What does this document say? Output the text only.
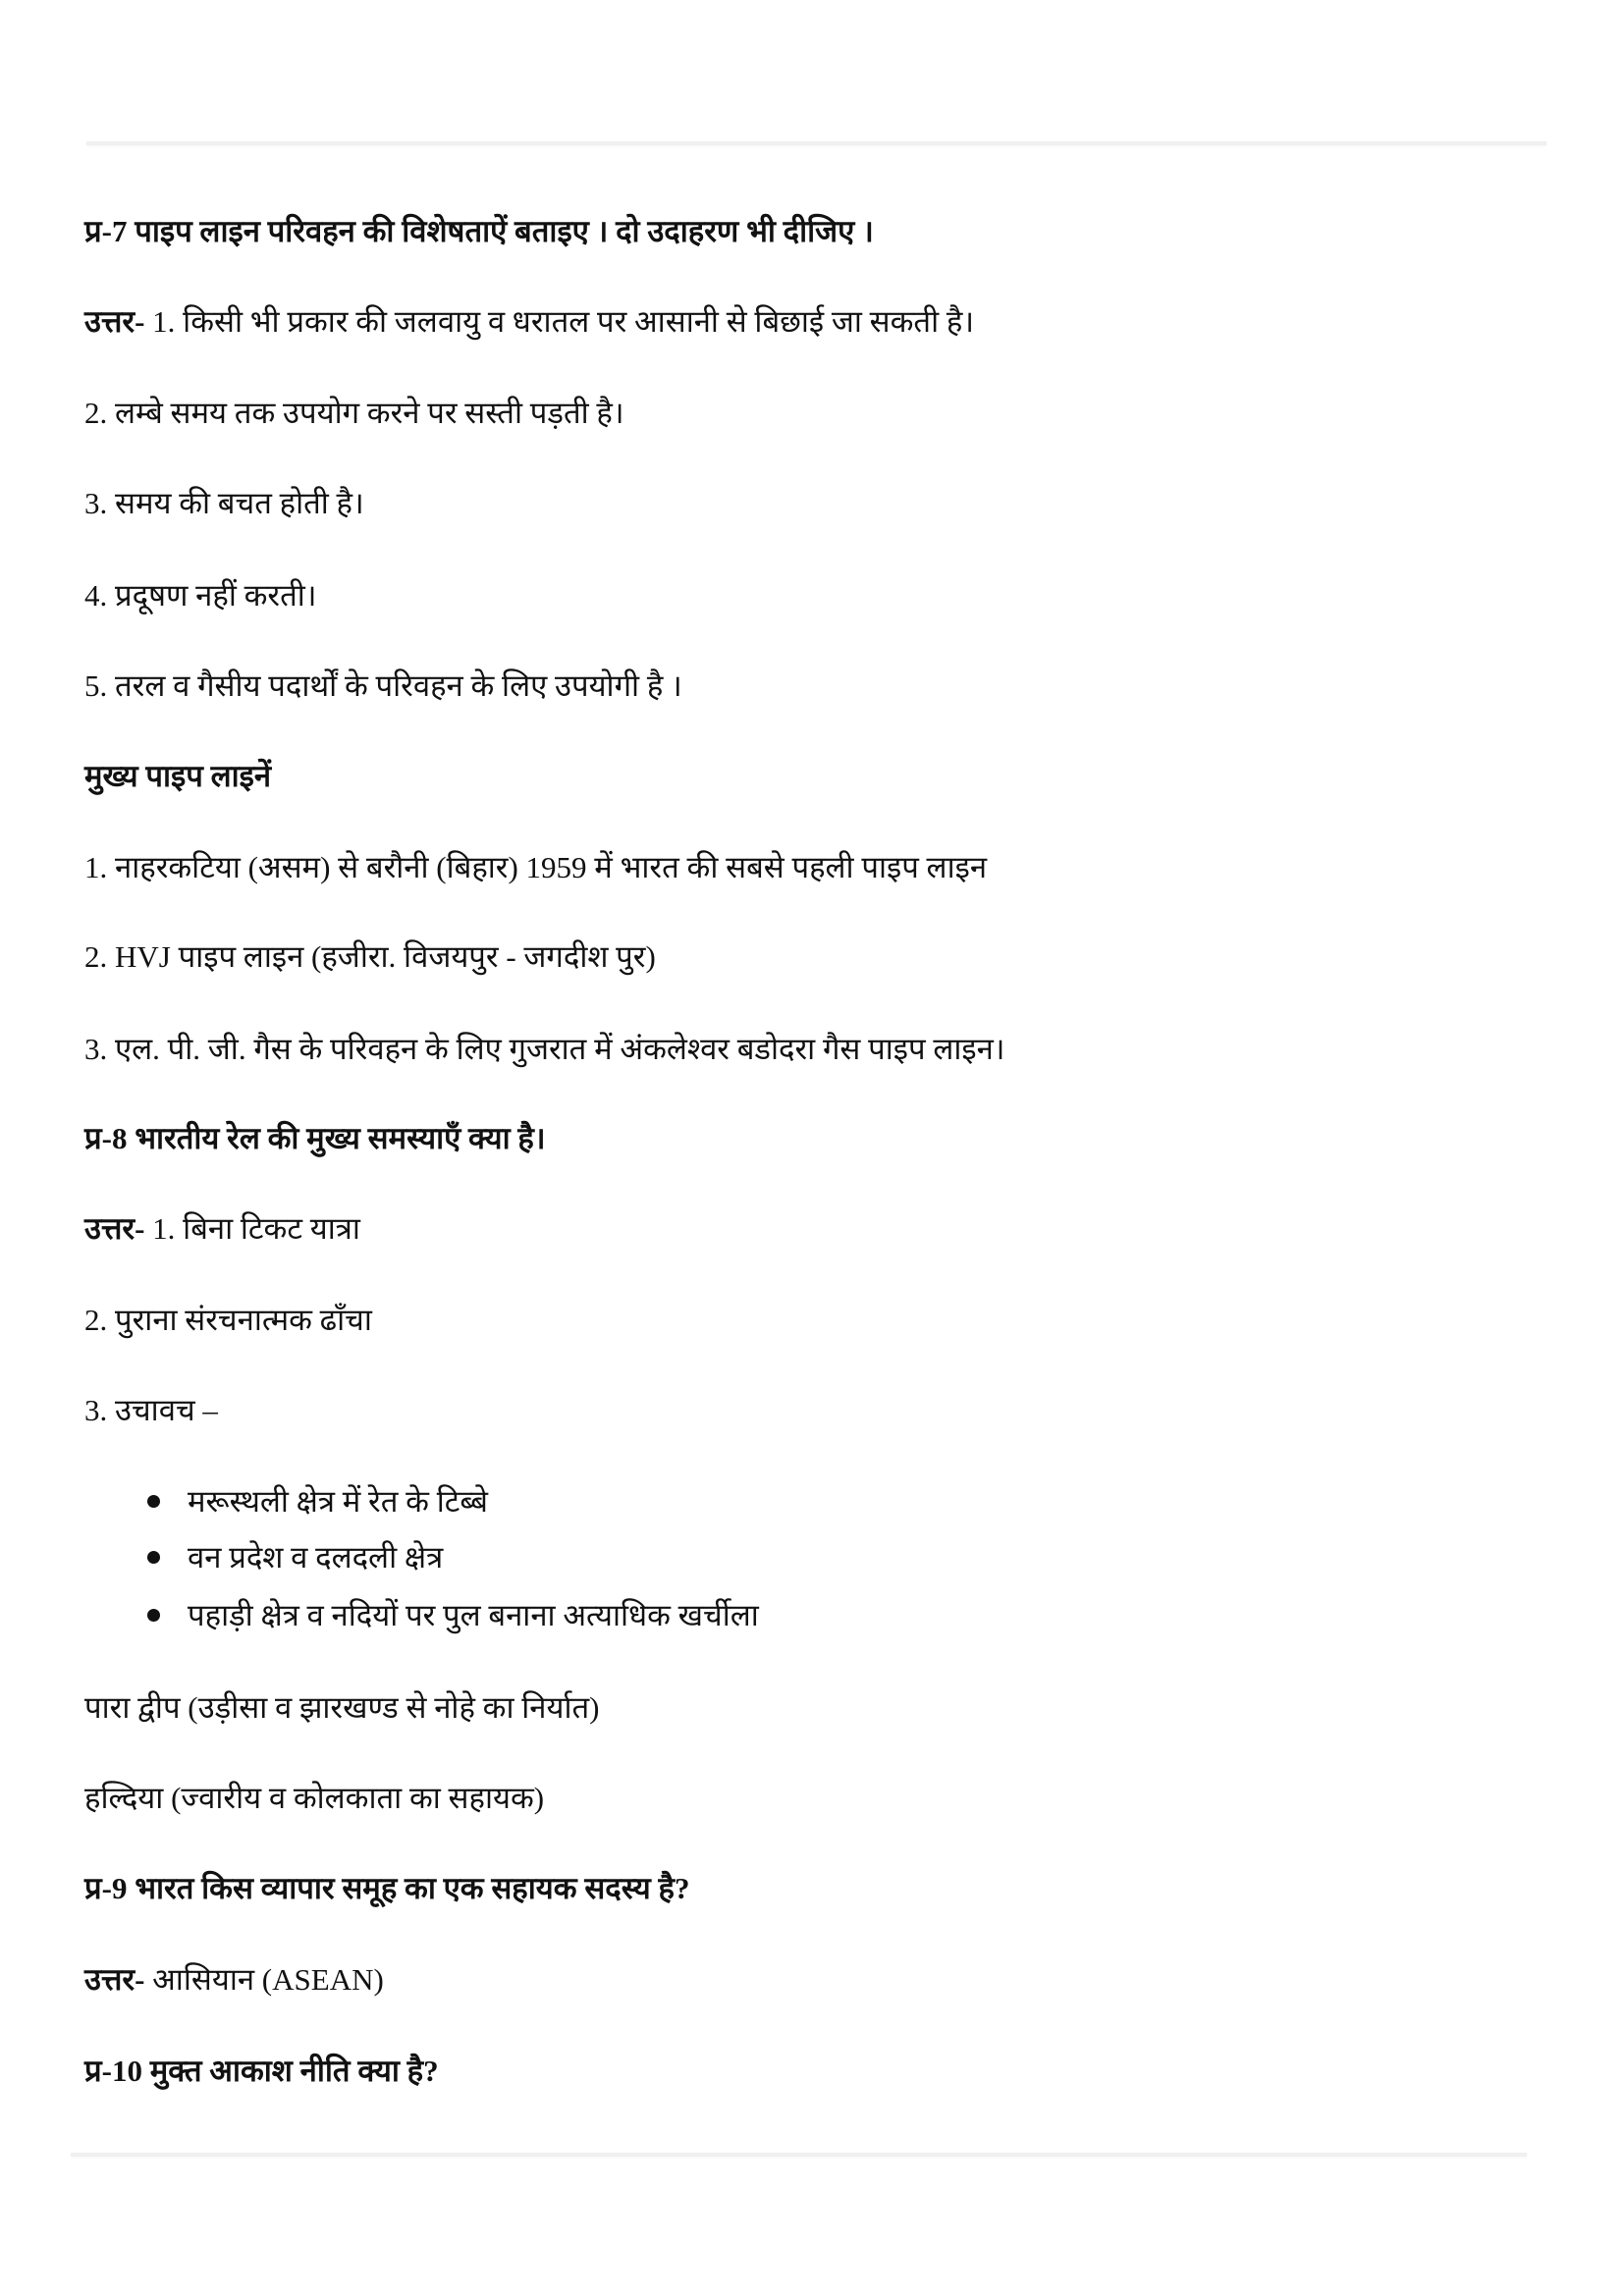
प्र-7 पाइप लाइन परिवहन की विशेषताऐं बताइए । दो उदाहरण भी दीजिए ।
उत्तर- 1. किसी भी प्रकार की जलवायु व धरातल पर आसानी से बिछाई जा सकती है।
2. लम्बे समय तक उपयोग करने पर सस्ती पड़ती है।
3. समय की बचत होती है।
4. प्रदूषण नहीं करती।
5. तरल व गैसीय पदार्थों के परिवहन के लिए उपयोगी है ।
मुख्य पाइप लाइनें
1. नाहरकटिया (असम) से बरौनी (बिहार) 1959 में भारत की सबसे पहली पाइप लाइन
2. HVJ पाइप लाइन (हजीरा. विजयपुर - जगदीश पुर)
3. एल. पी. जी. गैस के परिवहन के लिए गुजरात में अंकलेश्वर बडोदरा गैस पाइप लाइन।
प्र-8 भारतीय रेल की मुख्य समस्याएँ क्या है।
उत्तर- 1. बिना टिकट यात्रा
2. पुराना संरचनात्मक ढाँचा
3. उचावच –
मरूस्थली क्षेत्र में रेत के टिब्बे
वन प्रदेश व दलदली क्षेत्र
पहाड़ी क्षेत्र व नदियों पर पुल बनाना अत्याधिक खर्चीला
पारा द्वीप (उड़ीसा व झारखण्ड से नोहे का निर्यात)
हल्दिया (ज्वारीय व कोलकाता का सहायक)
प्र-9 भारत किस व्यापार समूह का एक सहायक सदस्य है?
उत्तर- आसियान (ASEAN)
प्र-10 मुक्त आकाश नीति क्या है?
